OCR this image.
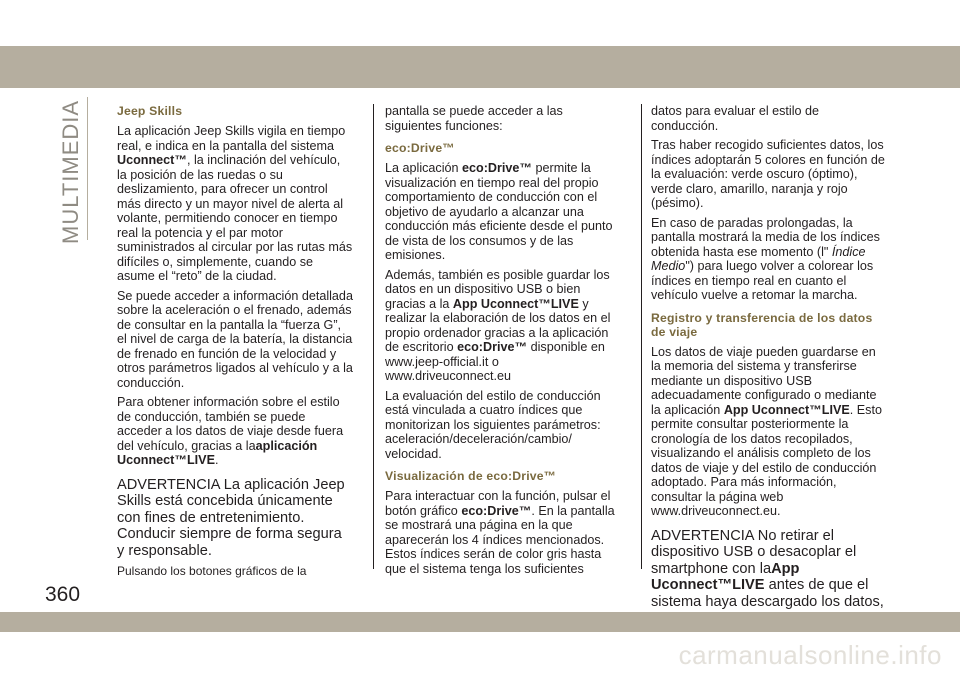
MULTIMEDIA	Jeep Skills

La aplicación Jeep Skills vigila en tiempo real, e indica en la pantalla del sistema Uconnect™, la inclinación del vehículo, la posición de las ruedas o su deslizamiento, para ofrecer un control más directo y un mayor nivel de alerta al volante, permitiendo conocer en tiempo real la potencia y el par motor suministrados al circular por las rutas más difíciles o, simplemente, cuando se asume el “reto” de la ciudad.

Se puede acceder a información detallada sobre la aceleración o el frenado, además de consultar en la pantalla la “fuerza G”, el nivel de carga de la batería, la distancia de frenado en función de la velocidad y otros parámetros ligados al vehículo y a la conducción.

Para obtener información sobre el estilo de conducción, también se puede acceder a los datos de viaje desde fuera del vehículo, gracias a laaplicación Uconnect™LIVE.

ADVERTENCIA La aplicación Jeep Skills está concebida únicamente con fines de entretenimiento. Conducir siempre de forma segura y responsable.

Pulsando los botones gráficos de la

pantalla se puede acceder a las siguientes funciones:

eco:Drive™

La aplicación eco:Drive™ permite la visualización en tiempo real del propio comportamiento de conducción con el objetivo de ayudarlo a alcanzar una conducción más eficiente desde el punto de vista de los consumos y de las emisiones.

Además, también es posible guardar los datos en un dispositivo USB o bien gracias a la App Uconnect™LIVE y realizar la elaboración de los datos en el propio ordenador gracias a la aplicación de escritorio eco:Drive™ disponible en www.jeep-official.it o www.driveuconnect.eu

La evaluación del estilo de conducción está vinculada a cuatro índices que monitorizan los siguientes parámetros: aceleración/deceleración/cambio/ velocidad.

Visualización de eco:Drive™

Para interactuar con la función, pulsar el botón gráfico eco:Drive™. En la pantalla se mostrará una página en la que aparecerán los 4 índices mencionados. Estos índices serán de color gris hasta que el sistema tenga los suficientes

datos para evaluar el estilo de conducción.

Tras haber recogido suficientes datos, los índices adoptarán 5 colores en función de la evaluación: verde oscuro (óptimo), verde claro, amarillo, naranja y rojo (pésimo).

En caso de paradas prolongadas, la pantalla mostrará la media de los índices obtenida hasta ese momento (l" Índice Medio") para luego volver a colorear los índices en tiempo real en cuanto el vehículo vuelve a retomar la marcha.

Registro y transferencia de los datos de viaje

Los datos de viaje pueden guardarse en la memoria del sistema y transferirse mediante un dispositivo USB adecuadamente configurado o mediante la aplicación App Uconnect™LIVE. Esto permite consultar posteriormente la cronología de los datos recopilados, visualizando el análisis completo de los datos de viaje y del estilo de conducción adoptado. Para más información, consultar la página web www.driveuconnect.eu.

ADVERTENCIA No retirar el dispositivo USB o desacoplar el smartphone con laApp Uconnect™LIVE antes de que el sistema haya descargado los datos,

360
carmanualsonline.info
